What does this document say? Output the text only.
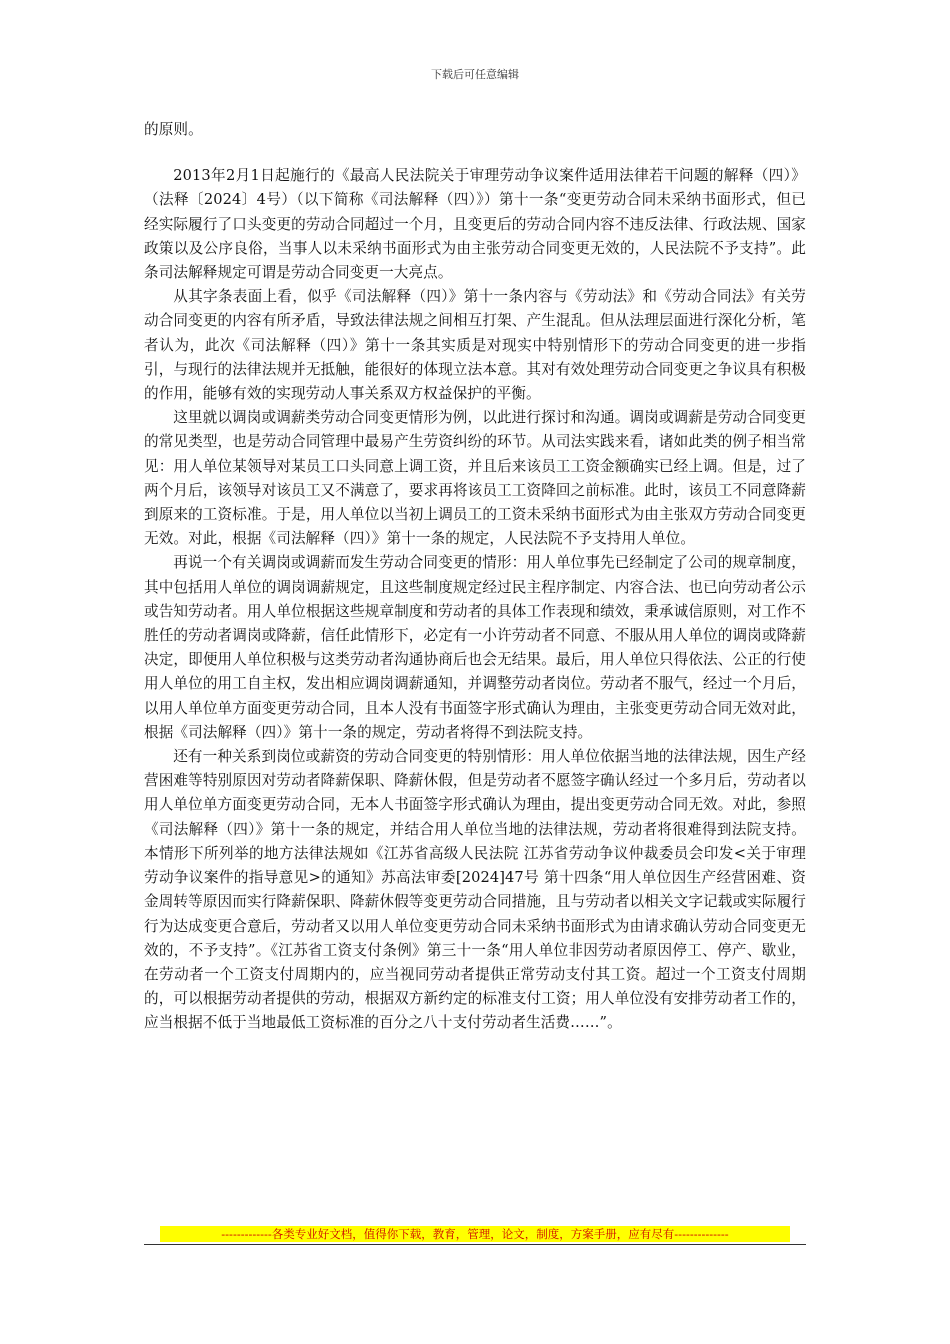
下载后可任意编辑

的原则。

2013年2月1日起施行的《最高人民法院关于审理劳动争议案件适用法律若干问题的解释（四）》（法释〔2024〕4号）（以下简称《司法解释（四）》）第十一条“变更劳动合同未采纳书面形式，但已经实际履行了口头变更的劳动合同超过一个月，且变更后的劳动合同内容不违反法律、行政法规、国家政策以及公序良俗，当事人以未采纳书面形式为由主张劳动合同变更无效的，人民法院不予支持”。此条司法解释规定可谓是劳动合同变更一大亮点。

从其字条表面上看，似乎《司法解释（四）》第十一条内容与《劳动法》和《劳动合同法》有关劳动合同变更的内容有所矛盾，导致法律法规之间相互打架、产生混乱。但从法理层面进行深化分析，笔者认为，此次《司法解释（四）》第十一条其实质是对现实中特别情形下的劳动合同变更的进一步指引，与现行的法律法规并无抵触，能很好的体现立法本意。其对有效处理劳动合同变更之争议具有积极的作用，能够有效的实现劳动人事关系双方权益保护的平衡。

这里就以调岗或调薪类劳动合同变更情形为例，以此进行探讨和沟通。调岗或调薪是劳动合同变更的常见类型，也是劳动合同管理中最易产生劳资纠纷的环节。从司法实践来看，诸如此类的例子相当常见：用人单位某领导对某员工口头同意上调工资，并且后来该员工工资金额确实已经上调。但是，过了两个月后，该领导对该员工又不满意了，要求再将该员工工资降回之前标准。此时，该员工不同意降薪到原来的工资标准。于是，用人单位以当初上调员工的工资未采纳书面形式为由主张双方劳动合同变更无效。对此，根据《司法解释（四）》第十一条的规定，人民法院不予支持用人单位。

再说一个有关调岗或调薪而发生劳动合同变更的情形：用人单位事先已经制定了公司的规章制度，其中包括用人单位的调岗调薪规定，且这些制度规定经过民主程序制定、内容合法、也已向劳动者公示或告知劳动者。用人单位根据这些规章制度和劳动者的具体工作表现和绩效，秉承诚信原则，对工作不胜任的劳动者调岗或降薪，信任此情形下，必定有一小许劳动者不同意、不服从用人单位的调岗或降薪决定，即便用人单位积极与这类劳动者沟通协商后也会无结果。最后，用人单位只得依法、公正的行使用人单位的用工自主权，发出相应调岗调薪通知，并调整劳动者岗位。劳动者不服气，经过一个月后，以用人单位单方面变更劳动合同，且本人没有书面签字形式确认为理由，主张变更劳动合同无效对此，根据《司法解释（四）》第十一条的规定，劳动者将得不到法院支持。

还有一种关系到岗位或薪资的劳动合同变更的特别情形：用人单位依据当地的法律法规，因生产经营困难等特别原因对劳动者降薪保职、降薪休假，但是劳动者不愿签字确认经过一个多月后，劳动者以用人单位单方面变更劳动合同，无本人书面签字形式确认为理由，提出变更劳动合同无效。对此，参照《司法解释（四）》第十一条的规定，并结合用人单位当地的法律法规，劳动者将很难得到法院支持。本情形下所列举的地方法律法规如《江苏省高级人民法院 江苏省劳动争议仲裁委员会印发<关于审理劳动争议案件的指导意见>的通知》苏高法审委[2024]47号 第十四条“用人单位因生产经营困难、资金周转等原因而实行降薪保职、降薪休假等变更劳动合同措施，且与劳动者以相关文字记载或实际履行行为达成变更合意后，劳动者又以用人单位变更劳动合同未采纳书面形式为由请求确认劳动合同变更无效的，不予支持”。《江苏省工资支付条例》第三十一条“用人单位非因劳动者原因停工、停产、歇业，在劳动者一个工资支付周期内的，应当视同劳动者提供正常劳动支付其工资。超过一个工资支付周期的，可以根据劳动者提供的劳动，根据双方新约定的标准支付工资；用人单位没有安排劳动者工作的，应当根据不低于当地最低工资标准的百分之八十支付劳动者生活费……”。

-------------各类专业好文档，值得你下载，教育，管理，论文，制度，方案手册，应有尽有--------------
